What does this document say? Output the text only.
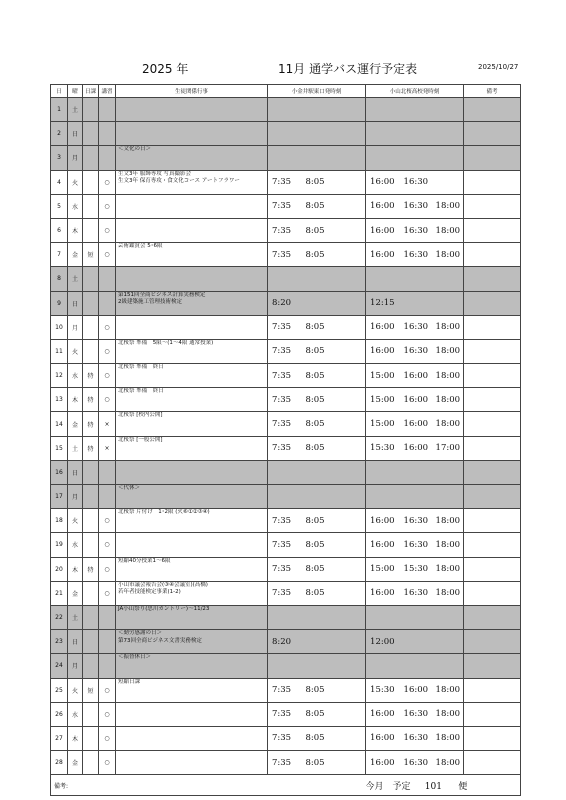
2025 年	11月 通学バス運行予定表	2025/10/27
日	曜	日課	講習	生徒関係行事	小金井駅東口発時刻			小山北桜高校発時刻			備考
1	土										
2	日										
3	月			＜文化の日＞							

4	火		○	生文3年 服飾専攻 写真撮影会
生文3年 保育専攻・食文化コース アートフラワー	7:35	8:05		16:00	16:30		
5	水		○		7:35	8:05		16:00	16:30	18:00	
6	木		○		7:35	8:05		16:00	16:30	18:00	
7	金	短	○	芸術鑑賞会 5･6限	7:35	8:05		16:00	16:30	18:00	
8	土										
9	日			第151回全商ビジネス計算実務検定
2級建築施工管理技術検定	8:20			12:15			
10	月		○		7:35	8:05		16:00	16:30	18:00	
11	火		○	北桜祭 準備　5限～(1～4限 通常授業)	7:35	8:05		16:00	16:30	18:00	
12	水	特	○	北桜祭 準備　終日	7:35	8:05		15:00	16:00	18:00	
13	木	特	○	北桜祭 準備　終日	7:35	8:05		15:00	16:00	18:00	
14	金	特	×	北桜祭 [校内公開]	7:35	8:05		15:00	16:00	18:00	
15	土	特	×	北桜祭 [一般公開]	7:35	8:05		15:30	16:00	17:00	
16	日										
17	月			＜代休＞							

18	火		○	北桜祭 片付け　1･2限 (火⑥①②③④)	7:35	8:05		16:00	16:30	18:00	
19	水		○		7:35	8:05		16:00	16:30	18:00	
20	木	特	○	短縮40分授業1～6限	7:35	8:05		15:00	15:30	18:00	
21	金		○	小山市議会報告会(③④会議室)(高橋)
若年者技能検定事業(1-2)	7:35	8:05		16:00	16:30	18:00	
22	土			JA小山祭り(思川カントリー)～11/23							

23	日			＜勤労感謝の日＞
第73回全商ビジネス文書実務検定	8:20			12:00			
24	月			＜振替休日＞							

25	火	短	○	短縮日課	7:35	8:05		15:30	16:00	18:00	
26	水		○		7:35	8:05		16:00	16:30	18:00	
27	木		○		7:35	8:05		16:00	16:30	18:00	
28	金		○		7:35	8:05		16:00	16:30	18:00	
備考:								今月　予定 101 便			
